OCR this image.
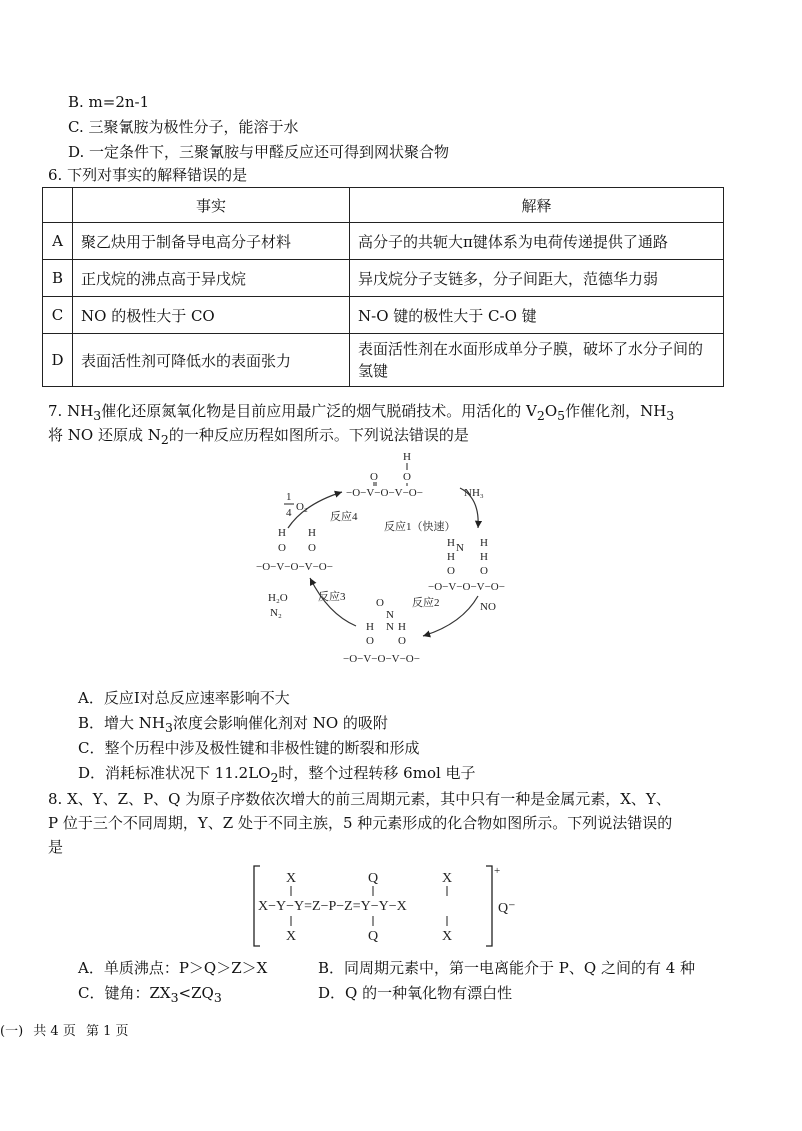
B. m=2n-1
C. 三聚氰胺为极性分子，能溶于水
D. 一定条件下，三聚氰胺与甲醛反应还可得到网状聚合物
6. 下列对事实的解释错误的是
	事实	解释
A	聚乙炔用于制备导电高分子材料	高分子的共轭大π键体系为电荷传递提供了通路
B	正戊烷的沸点高于异戊烷	异戊烷分子支链多，分子间距大，范德华力弱
C	NO 的极性大于 CO	N-O 键的极性大于 C-O 键
D	表面活性剂可降低水的表面张力	表面活性剂在水面形成单分子膜，破坏了水分子间的氢键
7. $NH_3$催化还原氮氧化物是目前应用最广泛的烟气脱硝技术。用活化的 $V_2O_5$作催化剂，$NH_3$
将 NO 还原成 $N_2$的一种反应历程如图所示。下列说法错误的是
H
O
O
−O−V−O−V−O−	NH₃
H N H
H H
O O
−O−V−O−V−O−
H H
O O
−O−V−O−V−O−
H₂O
N₂
1
4 O₂
O
N
H N H
O O
−O−V−O−V−O−
NO
反应4
反应1（快速）
反应2
反应3
A．反应Ⅰ对总反应速率影响不大
B．增大 $NH_3$浓度会影响催化剂对 NO 的吸附
C．整个历程中涉及极性键和非极性键的断裂和形成
D．消耗标准状况下 $11.2LO_2$时，整个过程转移 6mol 电子
8. X、Y、Z、P、Q 为原子序数依次增大的前三周期元素，其中只有一种是金属元素，X、Y、
P 位于三个不同周期，Y、Z 处于不同主族，5 种元素形成的化合物如图所示。下列说法错误的
是
X	Q	X
X−Y−Y=Z−P−Z=Y−Y−X
X	Q	X
+
Q⁻
A．单质沸点：P＞Q＞Z＞X	B．同周期元素中，第一电离能介于 P、Q 之间的有 4 种
C．键角：$ZX_3<ZQ_3$	D．Q 的一种氧化物有漂白性
(一) 共 4 页 第 1 页
